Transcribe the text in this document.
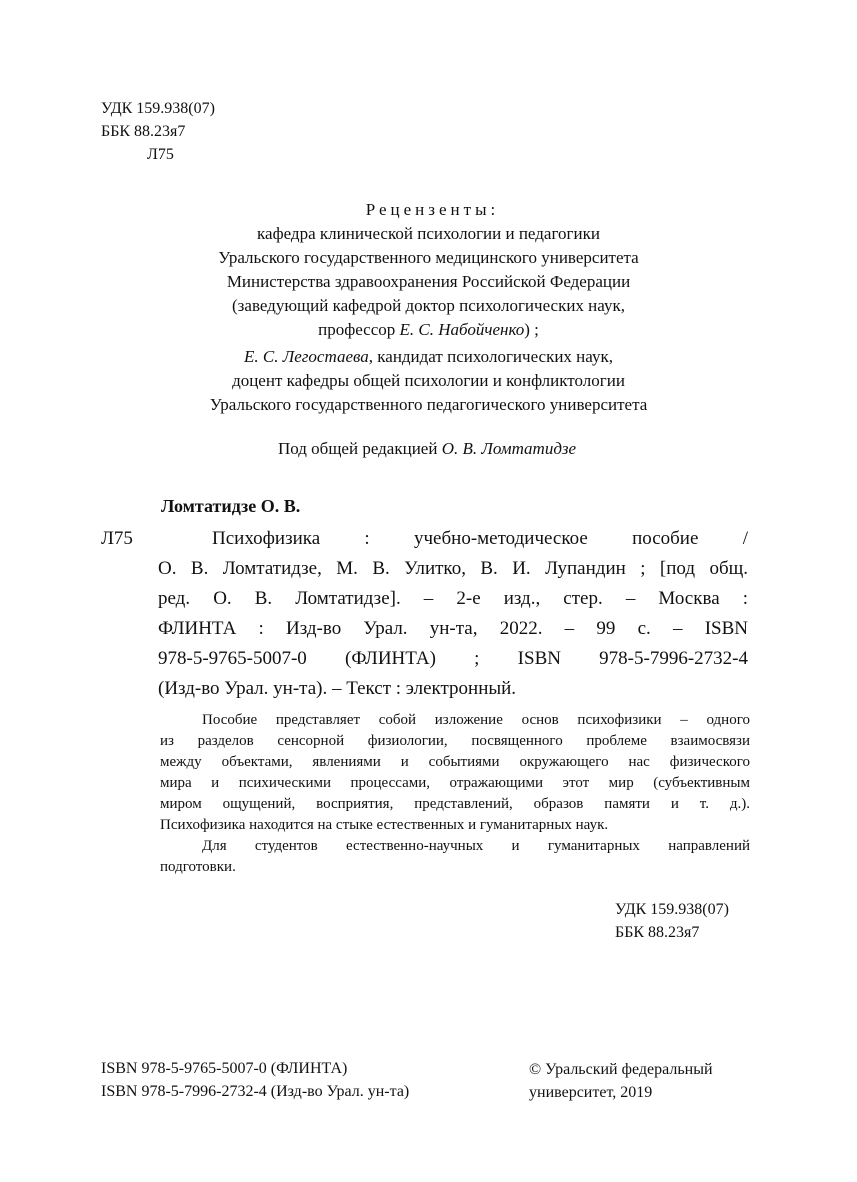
УДК 159.938(07)
ББК 88.23я7
Л75
Рецензенты:
кафедра клинической психологии и педагогики
Уральского государственного медицинского университета
Министерства здравоохранения Российской Федерации
(заведующий кафедрой доктор психологических наук,
профессор Е. С. Набойченко) ;
Е. С. Легостаева, кандидат психологических наук,
доцент кафедры общей психологии и конфликтологии
Уральского государственного педагогического университета
Под общей редакцией О. В. Ломтатидзе
Ломтатидзе О. В.
Л75	Психофизика : учебно-методическое пособие /
О. В. Ломтатидзе, М. В. Улитко, В. И. Лупандин ; [под общ.
ред. О. В. Ломтатидзе]. – 2-е изд., стер. – Москва :
ФЛИНТА : Изд-во Урал. ун-та, 2022. – 99 с. – ISBN
978-5-9765-5007-0 (ФЛИНТА) ; ISBN 978-5-7996-2732-4
(Изд-во Урал. ун-та). – Текст : электронный.
Пособие представляет собой изложение основ психофизики – одного
из разделов сенсорной физиологии, посвященного проблеме взаимосвязи
между объектами, явлениями и событиями окружающего нас физического
мира и психическими процессами, отражающими этот мир (субъективным
миром ощущений, восприятия, представлений, образов памяти и т. д.).
Психофизика находится на стыке естественных и гуманитарных наук.
Для студентов естественно-научных и гуманитарных направлений
подготовки.
УДК 159.938(07)
ББК 88.23я7
ISBN 978-5-9765-5007-0 (ФЛИНТА)
ISBN 978-5-7996-2732-4 (Изд-во Урал. ун-та)
© Уральский федеральный
университет, 2019
